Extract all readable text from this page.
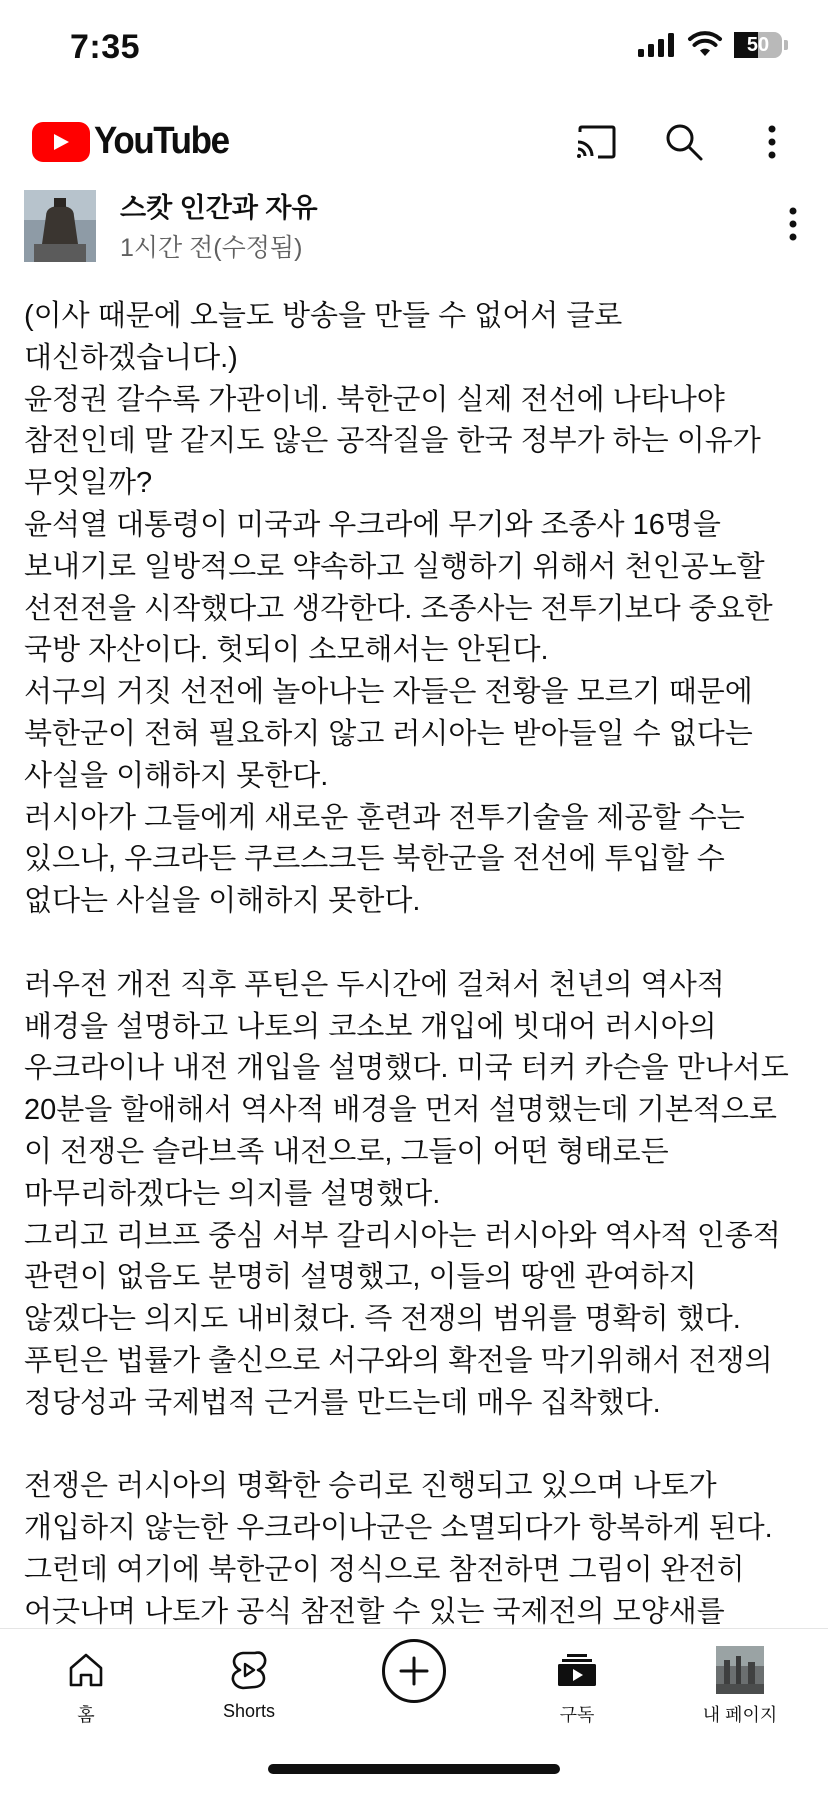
7:35	50
YouTube
스캇 인간과 자유
1시간 전(수정됨)

(이사 때문에 오늘도 방송을 만들 수 없어서 글로 대신하겠습니다.)

윤정권 갈수록 가관이네. 북한군이 실제 전선에 나타나야 참전인데 말 같지도 않은 공작질을 한국 정부가 하는 이유가 무엇일까?

윤석열 대통령이 미국과 우크라에 무기와 조종사 16명을 보내기로 일방적으로 약속하고 실행하기 위해서 천인공노할 선전전을 시작했다고 생각한다. 조종사는 전투기보다 중요한 국방 자산이다. 헛되이 소모해서는 안된다.

서구의 거짓 선전에 놀아나는 자들은 전황을 모르기 때문에 북한군이 전혀 필요하지 않고 러시아는 받아들일 수 없다는 사실을 이해하지 못한다.

러시아가 그들에게 새로운 훈련과 전투기술을 제공할 수는 있으나, 우크라든 쿠르스크든 북한군을 전선에 투입할 수 없다는 사실을 이해하지 못한다.

러우전 개전 직후 푸틴은 두시간에 걸쳐서 천년의 역사적 배경을 설명하고 나토의 코소보 개입에 빗대어 러시아의 우크라이나 내전 개입을 설명했다. 미국 터커 카슨을 만나서도 20분을 할애해서 역사적 배경을 먼저 설명했는데 기본적으로 이 전쟁은 슬라브족 내전으로, 그들이 어떤 형태로든 마무리하겠다는 의지를 설명했다.

그리고 리브프 중심 서부 갈리시아는 러시아와 역사적 인종적 관련이 없음도 분명히 설명했고, 이들의 땅엔 관여하지 않겠다는 의지도 내비쳤다. 즉 전쟁의 범위를 명확히 했다.

푸틴은 법률가 출신으로 서구와의 확전을 막기위해서 전쟁의 정당성과 국제법적 근거를 만드는데 매우 집착했다.

전쟁은 러시아의 명확한 승리로 진행되고 있으며 나토가 개입하지 않는한 우크라이나군은 소멸되다가 항복하게 된다.

그런데 여기에 북한군이 정식으로 참전하면 그림이 완전히 어긋나며 나토가 공식 참전할 수 있는 국제전의 모양새를

홈	Shorts	구독	내 페이지
